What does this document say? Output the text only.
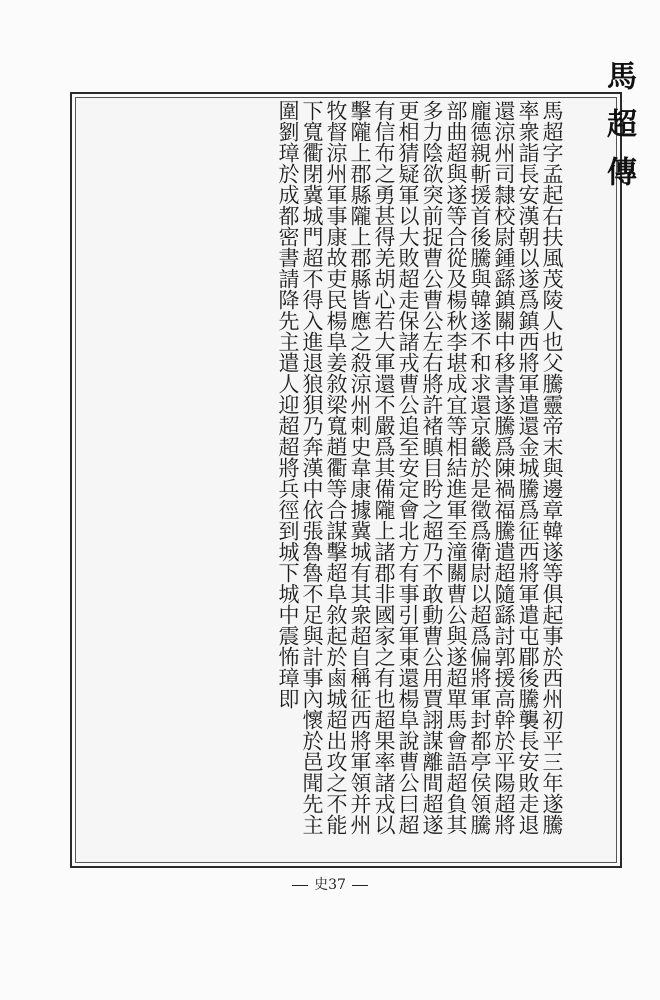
馬超傳
馬超字孟起右扶風茂陵人也父騰靈帝末與邊章韓遂等俱起事於西州初平三年遂騰率衆詣長安漢朝以遂爲鎮西將軍遣還金城騰爲征西將軍遣屯郿後騰襲長安敗走退還涼州司隸校尉鍾繇鎮關中移書遂騰爲陳禍福騰遣超隨繇討郭援高幹於平陽超將龐德親斬援首後騰與韓遂不和求還京畿於是徵爲衛尉以超爲偏將軍封都亭侯領騰部曲超與遂等合從及楊秋李堪成宜等相結進軍至潼關曹公與遂超單馬會語超負其多力陰欲突前捉曹公曹公左右將許褚瞋目盻之超乃不敢動曹公用賈詡謀離間超遂更相猜疑軍以大敗超走保諸戎曹公追至安定會北方有事引軍東還楊阜說曹公曰超有信布之勇甚得羌胡心若大軍還不嚴爲其備隴上諸郡非國家之有也超果率諸戎以擊隴上郡縣隴上郡縣皆應之殺涼州刺史韋康據冀城有其衆超自稱征西將軍領并州牧督涼州軍事康故吏民楊阜姜敘梁寬趙衢等合謀擊超阜敘起於鹵城超出攻之不能下寬衢閉冀城門超不得入進退狼狽乃奔漢中依張魯魯不足與計事內懷於邑聞先主圍劉璋於成都密書請降先主遣人迎超超將兵徑到城下城中震怖璋即
史37
